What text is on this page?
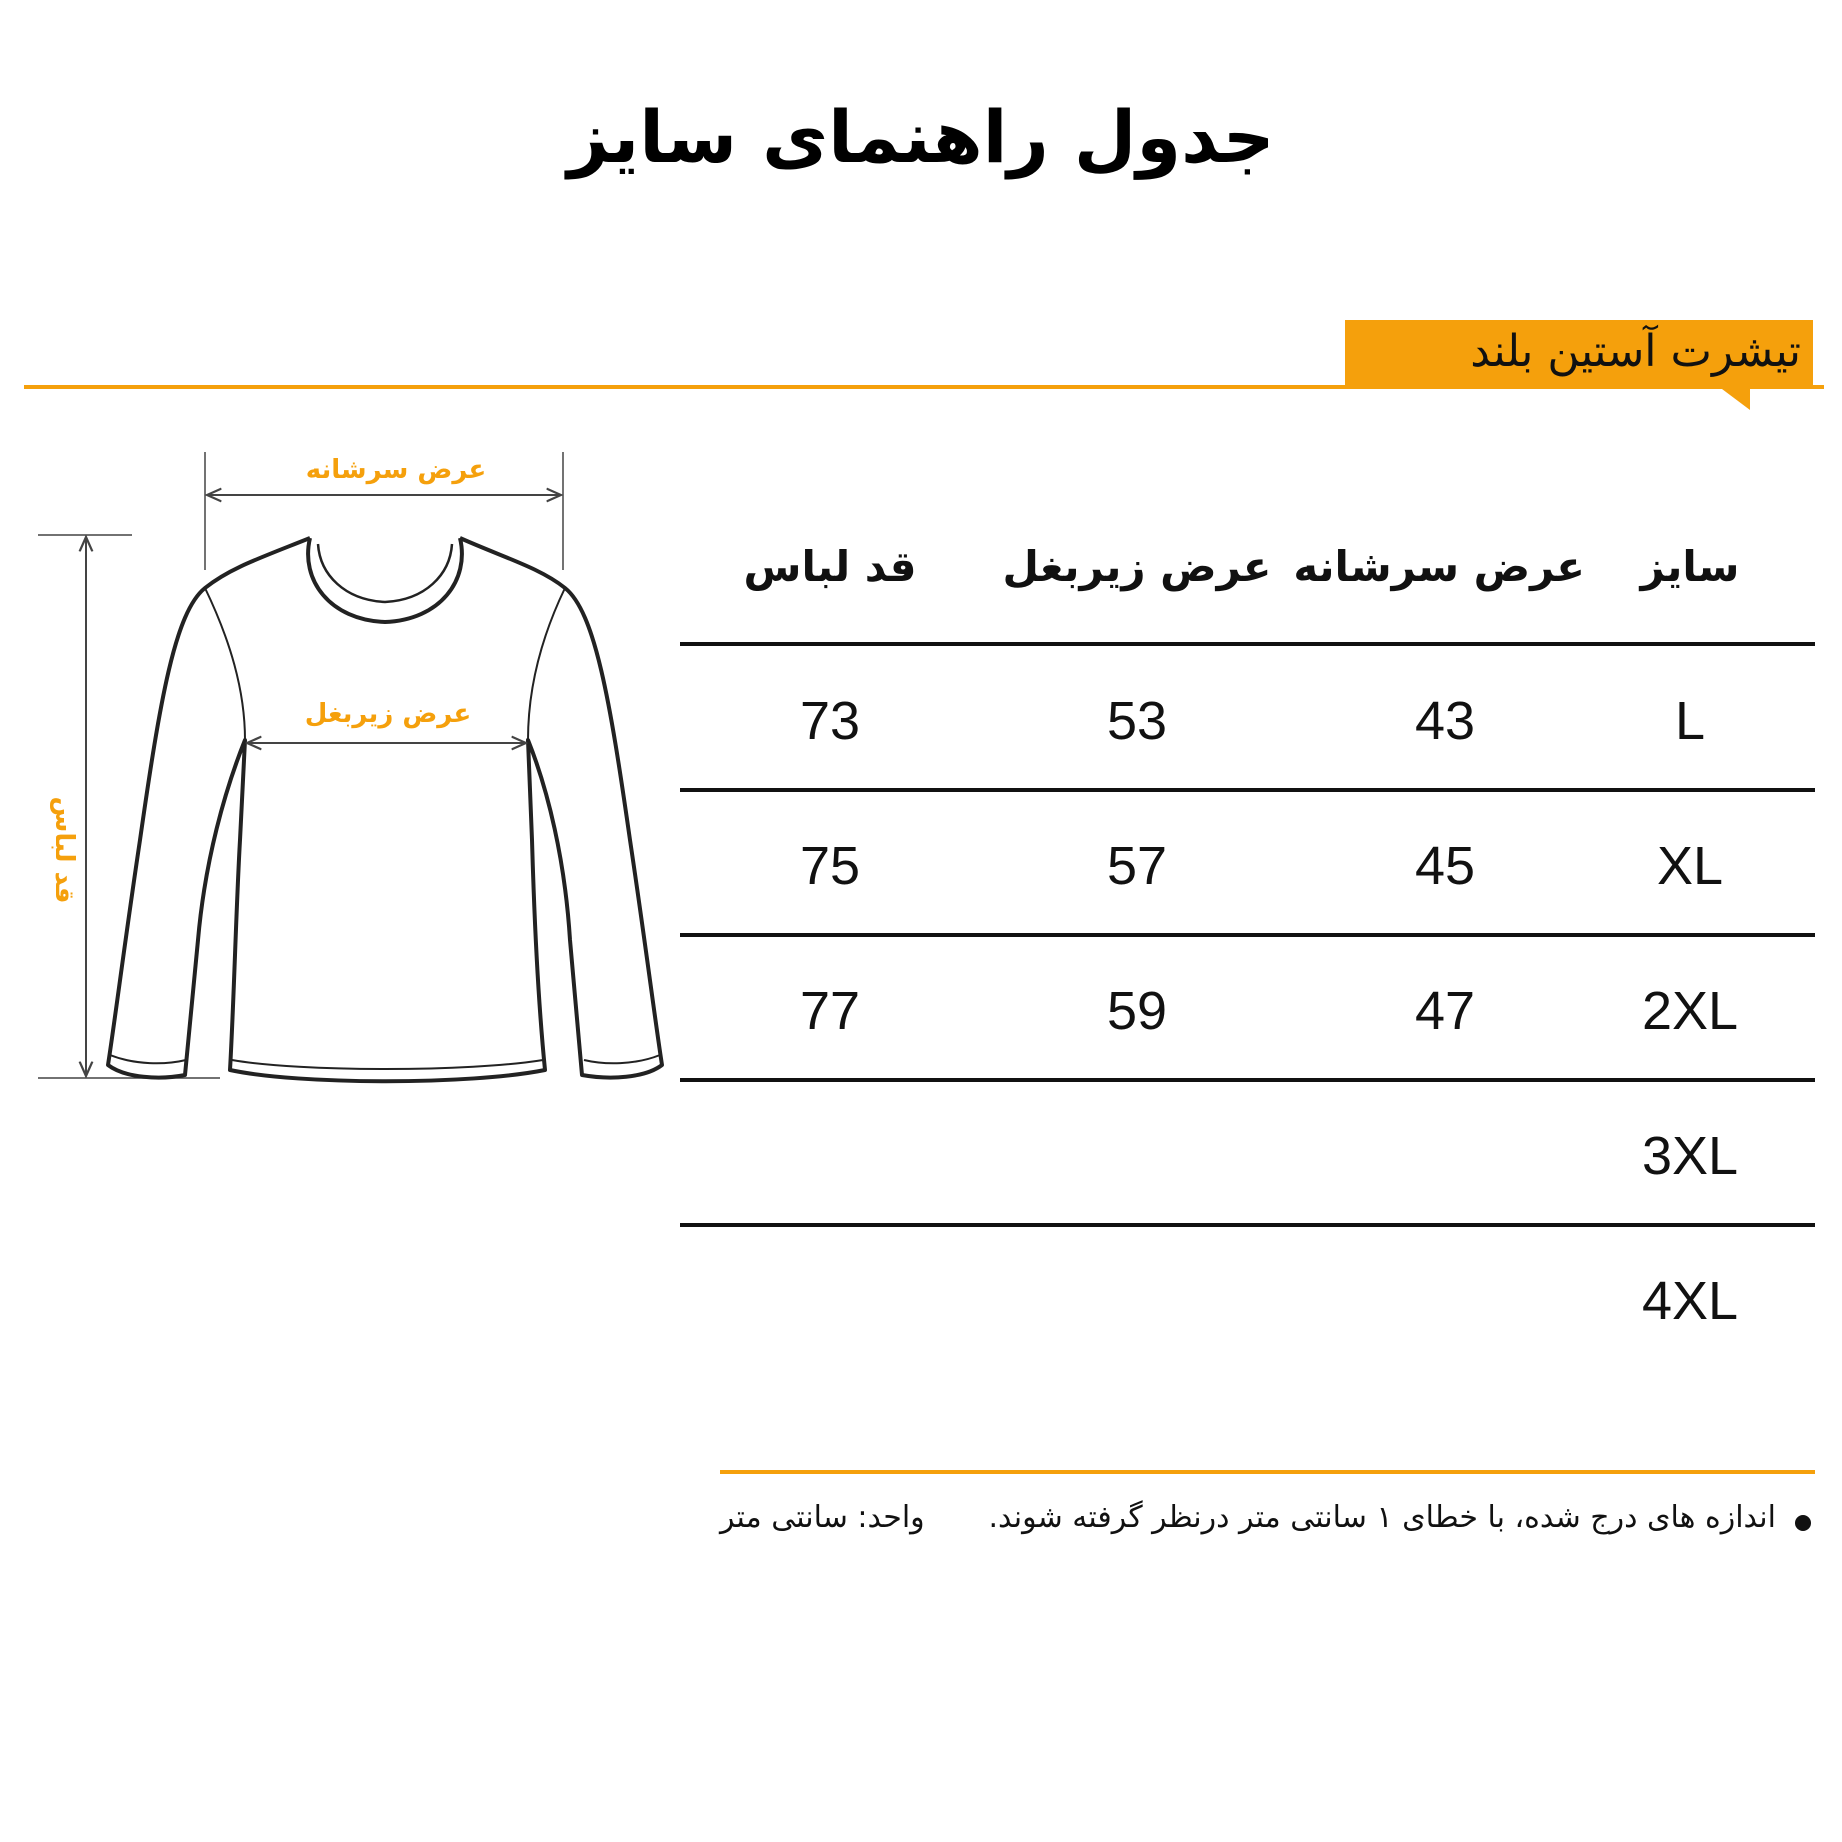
جدول راهنمای سایز
تیشرت آستین بلند
عرض سرشانه
قد لباس
عرض زیربغل
سایز
عرض سرشانه
عرض زیربغل
قد لباس
L
43
53
73
XL
45
57
75
2XL
47
59
77
3XL
4XL
اندازه های درج شده، با خطای ۱ سانتی متر درنظر گرفته شوند.
واحد: سانتی متر
